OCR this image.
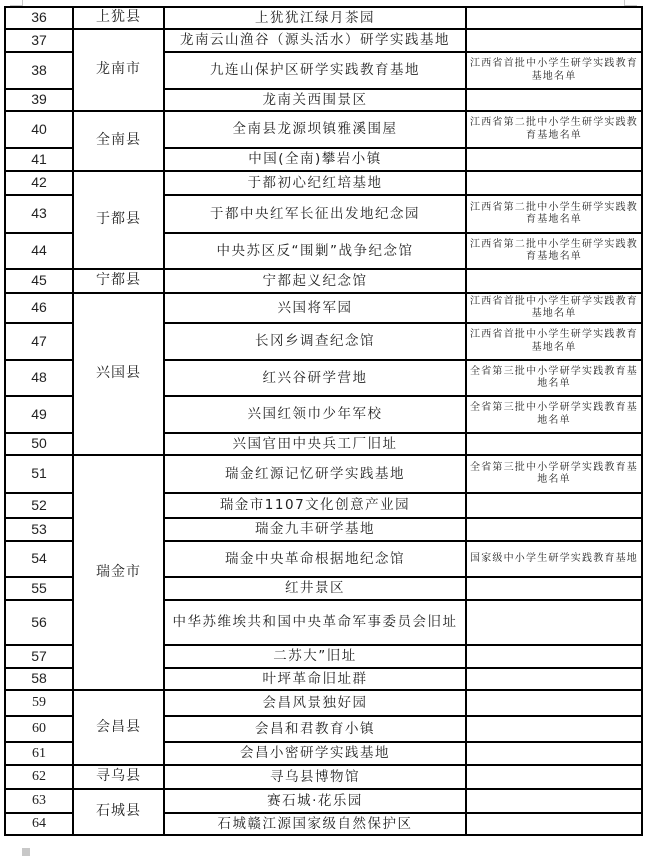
36	上犹县	上犹犹江绿月茶园	
37	龙南市	龙南云山渔谷（源头活水）研学实践基地	
38		九连山保护区研学实践教育基地	江西省首批中小学生研学实践教育基地名单
39		龙南关西围景区	
40	全南县	全南县龙源坝镇雅溪围屋	江西省第二批中小学生研学实践教育基地名单
41		中国(全南)攀岩小镇	
42	于都县	于都初心纪红培基地	
43		于都中央红军长征出发地纪念园	江西省第二批中小学生研学实践教育基地名单
44		中央苏区反“围剿”战争纪念馆	江西省第二批中小学生研学实践教育基地名单
45	宁都县	宁都起义纪念馆	
46	兴国县	兴国将军园	江西省首批中小学生研学实践教育基地名单
47		长冈乡调查纪念馆	江西省首批中小学生研学实践教育基地名单
48		红兴谷研学营地	全省第三批中小学研学实践教育基地名单
49		兴国红领巾少年军校	全省第三批中小学研学实践教育基地名单
50		兴国官田中央兵工厂旧址	
51	瑞金市	瑞金红源记忆研学实践基地	全省第三批中小学研学实践教育基地名单
52		瑞金市1107文化创意产业园	
53		瑞金九丰研学基地	
54		瑞金中央革命根据地纪念馆	国家级中小学生研学实践教育基地
55		红井景区	
56		中华苏维埃共和国中央革命军事委员会旧址	
57		二苏大”旧址	
58		叶坪革命旧址群	
59	会昌县	会昌风景独好园	
60		会昌和君教育小镇	
61		会昌小密研学实践基地	
62	寻乌县	寻乌县博物馆	
63	石城县	赛石城·花乐园	
64		石城赣江源国家级自然保护区	
